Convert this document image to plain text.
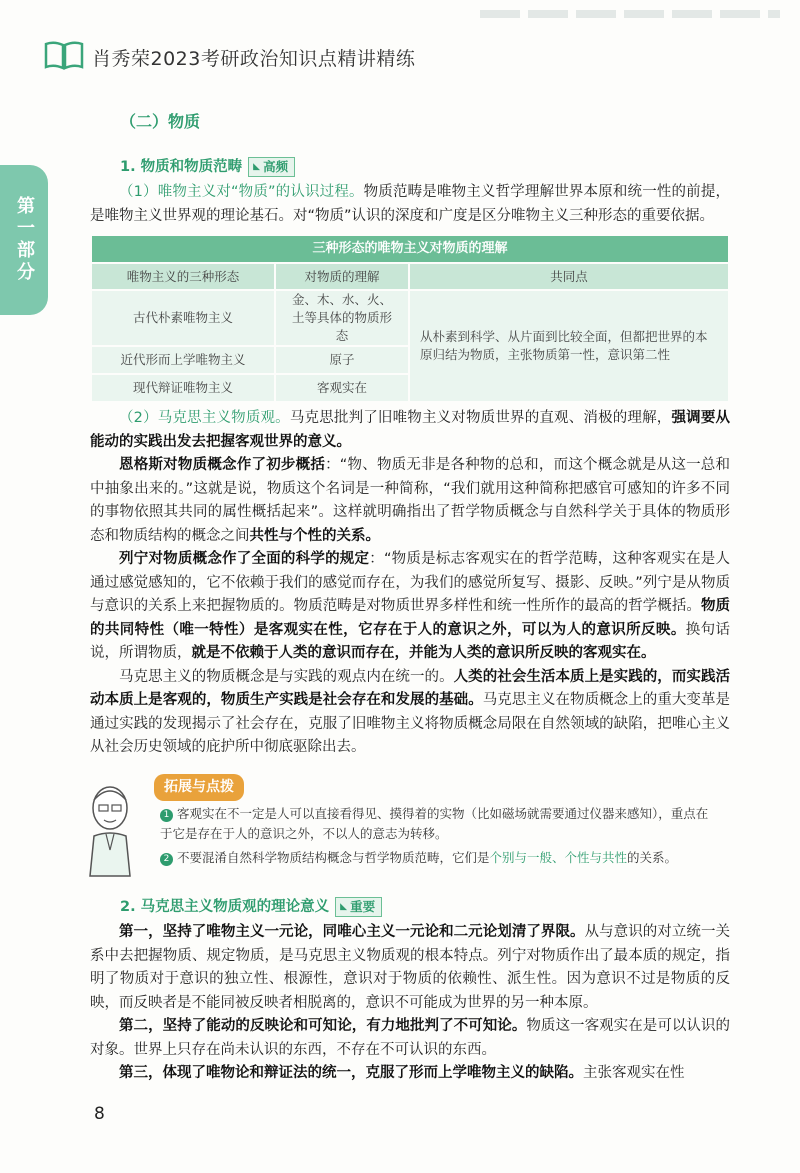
肖秀荣2023考研政治知识点精讲精练
第一部分
（二）物质
1. 物质和物质范畴	◣ 高频

（1）唯物主义对“物质”的认识过程。物质范畴是唯物主义哲学理解世界本原和统一性的前提，是唯物主义世界观的理论基石。对“物质”认识的深度和广度是区分唯物主义三种形态的重要依据。

三种形态的唯物主义对物质的理解		
唯物主义的三种形态	对物质的理解	共同点
古代朴素唯物主义	金、木、水、火、土等具体的物质形态	从朴素到科学、从片面到比较全面，但都把世界的本原归结为物质，主张物质第一性，意识第二性
近代形而上学唯物主义	原子	
现代辩证唯物主义	客观实在	

（2）马克思主义物质观。马克思批判了旧唯物主义对物质世界的直观、消极的理解，强调要从能动的实践出发去把握客观世界的意义。

恩格斯对物质概念作了初步概括：“物、物质无非是各种物的总和，而这个概念就是从这一总和中抽象出来的。”这就是说，物质这个名词是一种简称，“我们就用这种简称把感官可感知的许多不同的事物依照其共同的属性概括起来”。这样就明确指出了哲学物质概念与自然科学关于具体的物质形态和物质结构的概念之间共性与个性的关系。

列宁对物质概念作了全面的科学的规定：“物质是标志客观实在的哲学范畴，这种客观实在是人通过感觉感知的，它不依赖于我们的感觉而存在，为我们的感觉所复写、摄影、反映。”列宁是从物质与意识的关系上来把握物质的。物质范畴是对物质世界多样性和统一性所作的最高的哲学概括。物质的共同特性（唯一特性）是客观实在性，它存在于人的意识之外，可以为人的意识所反映。换句话说，所谓物质，就是不依赖于人类的意识而存在，并能为人类的意识所反映的客观实在。

马克思主义的物质概念是与实践的观点内在统一的。人类的社会生活本质上是实践的，而实践活动本质上是客观的，物质生产实践是社会存在和发展的基础。马克思主义在物质概念上的重大变革是通过实践的发现揭示了社会存在，克服了旧唯物主义将物质概念局限在自然领域的缺陷，把唯心主义从社会历史领域的庇护所中彻底驱除出去。

拓展与点拨
1 客观实在不一定是人可以直接看得见、摸得着的实物（比如磁场就需要通过仪器来感知），重点在于它是存在于人的意识之外，不以人的意志为转移。
2 不要混淆自然科学物质结构概念与哲学物质范畴，它们是个别与一般、个性与共性的关系。
2. 马克思主义物质观的理论意义	◣ 重要

第一，坚持了唯物主义一元论，同唯心主义一元论和二元论划清了界限。从与意识的对立统一关系中去把握物质、规定物质，是马克思主义物质观的根本特点。列宁对物质作出了最本质的规定，指明了物质对于意识的独立性、根源性，意识对于物质的依赖性、派生性。因为意识不过是物质的反映，而反映者是不能同被反映者相脱离的，意识不可能成为世界的另一种本原。

第二，坚持了能动的反映论和可知论，有力地批判了不可知论。物质这一客观实在是可以认识的对象。世界上只存在尚未认识的东西，不存在不可认识的东西。

第三，体现了唯物论和辩证法的统一，克服了形而上学唯物主义的缺陷。主张客观实在性

8
